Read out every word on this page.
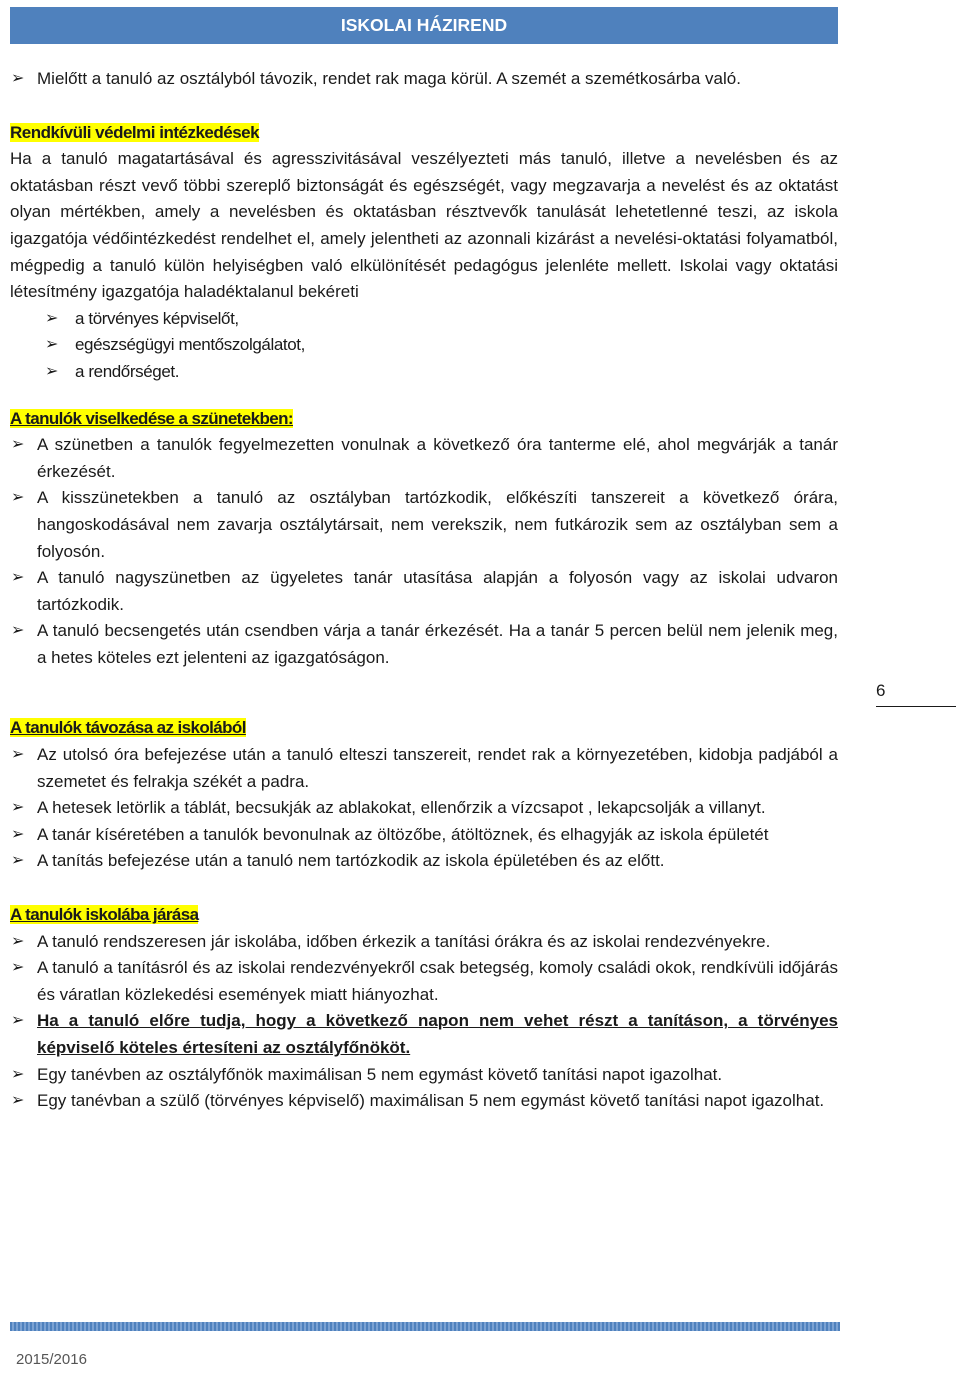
ISKOLAI HÁZIREND
➢ Mielőtt a tanuló az osztályból távozik, rendet rak maga körül. A szemét a szemétkosárba való.
Rendkívüli védelmi intézkedések
Ha a tanuló magatartásával és agresszivitásával veszélyezteti más tanuló, illetve a nevelésben és az oktatásban részt vevő többi szereplő biztonságát és egészségét, vagy megzavarja a nevelést és az oktatást olyan mértékben, amely a nevelésben és oktatásban résztvevők tanulását lehetetlenné teszi, az iskola igazgatója védőintézkedést rendelhet el, amely jelentheti az azonnali kizárást a nevelési-oktatási folyamatból, mégpedig a tanuló külön helyiségben való elkülönítését pedagógus jelenléte mellett. Iskolai vagy oktatási létesítmény igazgatója haladéktalanul bekéreti
➢ a törvényes képviselőt,
➢ egészségügyi mentőszolgálatot,
➢ a rendőrséget.
A tanulók viselkedése a szünetekben:
➢ A szünetben a tanulók fegyelmezetten vonulnak a következő óra tanterme elé, ahol megvárják a tanár érkezését.
➢ A kisszünetekben a tanuló az osztályban tartózkodik, előkészíti tanszereit a következő órára, hangoskodásával nem zavarja osztálytársait, nem verekszik, nem futkározik sem az osztályban sem a folyosón.
➢ A tanuló nagyszünetben az ügyeletes tanár utasítása alapján a folyosón vagy az iskolai udvaron tartózkodik.
➢ A tanuló becsengetés után csendben várja a tanár érkezését. Ha a tanár 5 percen belül nem jelenik meg, a hetes köteles ezt jelenteni az igazgatóságon.
A tanulók távozása az iskolából
➢ Az utolsó óra befejezése után a tanuló elteszi tanszereit, rendet rak a környezetében, kidobja padjából a szemetet és felrakja székét a padra.
➢ A hetesek letörlik a táblát, becsukják az ablakokat, ellenőrzik a vízcsapot , lekapcsolják a villanyt.
➢ A tanár kíséretében a tanulók bevonulnak az öltözőbe, átöltöznek, és elhagyják az iskola épületét
➢ A tanítás befejezése után a tanuló nem tartózkodik az iskola épületében és az előtt.
A tanulók iskolába járása
➢ A tanuló rendszeresen jár iskolába, időben érkezik a tanítási órákra és az iskolai rendezvényekre.
➢ A tanuló a tanításról és az iskolai rendezvényekről csak betegség, komoly családi okok, rendkívüli időjárás és váratlan közlekedési események miatt hiányozhat.
➢ Ha a tanuló előre tudja, hogy a következő napon nem vehet részt a tanításon, a törvényes képviselő köteles értesíteni az osztályfőnököt.
➢ Egy tanévben az osztályfőnök maximálisan 5 nem egymást követő tanítási napot igazolhat.
➢ Egy tanévban a szülő (törvényes képviselő) maximálisan 5 nem egymást követő tanítási napot igazolhat.
6
2015/2016
